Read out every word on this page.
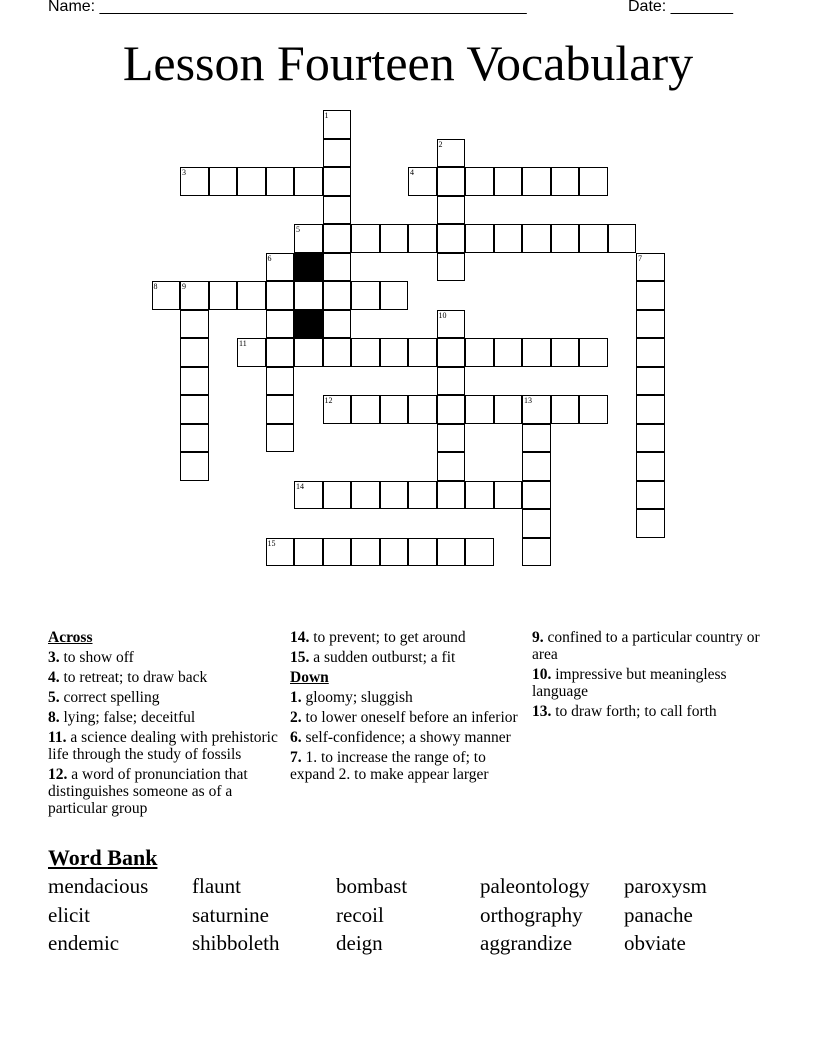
Name: ________________________________________________	Date: _______
Lesson Fourteen Vocabulary
1
2
3	4
5
6	7
8	9
10
11
12	13
14
15
Across
3. to show off
4. to retreat; to draw back
5. correct spelling
8. lying; false; deceitful
11. a science dealing with prehistoric life through the study of fossils
12. a word of pronunciation that distinguishes someone as of a particular group
14. to prevent; to get around
15. a sudden outburst; a fit
Down
1. gloomy; sluggish
2. to lower oneself before an inferior
6. self-confidence; a showy manner
7. 1. to increase the range of; to expand 2. to make appear larger
9. confined to a particular country or area
10. impressive but meaningless language
13. to draw forth; to call forth
Word Bank
mendacious	flaunt	bombast	paleontology	paroxysm
elicit	saturnine	recoil	orthography	panache
endemic	shibboleth	deign	aggrandize	obviate
